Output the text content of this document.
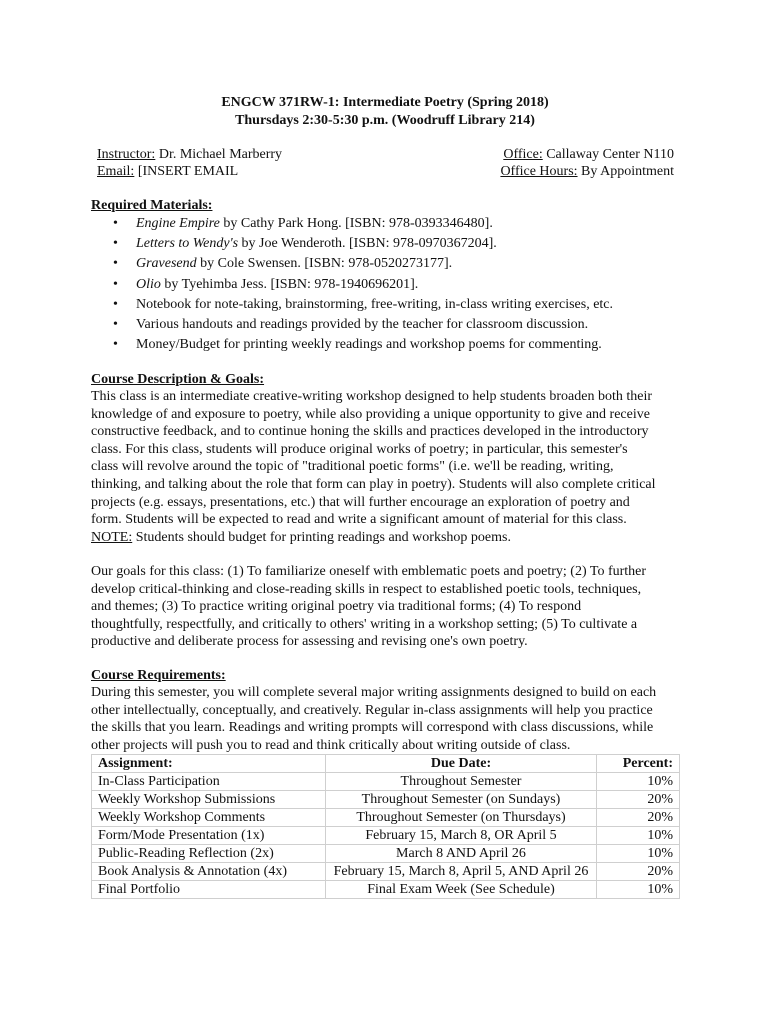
ENGCW 371RW-1: Intermediate Poetry (Spring 2018)
Thursdays 2:30-5:30 p.m. (Woodruff Library 214)
Instructor: Dr. Michael Marberry	Office: Callaway Center N110
Email: [INSERT EMAIL	Office Hours: By Appointment
Required Materials:
• Engine Empire by Cathy Park Hong. [ISBN: 978-0393346480].
• Letters to Wendy's by Joe Wenderoth. [ISBN: 978-0970367204].
• Gravesend by Cole Swensen. [ISBN: 978-0520273177].
• Olio by Tyehimba Jess. [ISBN: 978-1940696201].
• Notebook for note-taking, brainstorming, free-writing, in-class writing exercises, etc.
• Various handouts and readings provided by the teacher for classroom discussion.
• Money/Budget for printing weekly readings and workshop poems for commenting.
Course Description & Goals:
This class is an intermediate creative-writing workshop designed to help students broaden both their
knowledge of and exposure to poetry, while also providing a unique opportunity to give and receive
constructive feedback, and to continue honing the skills and practices developed in the introductory
class. For this class, students will produce original works of poetry; in particular, this semester's
class will revolve around the topic of "traditional poetic forms" (i.e. we'll be reading, writing,
thinking, and talking about the role that form can play in poetry). Students will also complete critical
projects (e.g. essays, presentations, etc.) that will further encourage an exploration of poetry and
form. Students will be expected to read and write a significant amount of material for this class.
NOTE: Students should budget for printing readings and workshop poems.
Our goals for this class: (1) To familiarize oneself with emblematic poets and poetry; (2) To further
develop critical-thinking and close-reading skills in respect to established poetic tools, techniques,
and themes; (3) To practice writing original poetry via traditional forms; (4) To respond
thoughtfully, respectfully, and critically to others' writing in a workshop setting; (5) To cultivate a
productive and deliberate process for assessing and revising one's own poetry.
Course Requirements:
During this semester, you will complete several major writing assignments designed to build on each
other intellectually, conceptually, and creatively. Regular in-class assignments will help you practice
the skills that you learn. Readings and writing prompts will correspond with class discussions, while
other projects will push you to read and think critically about writing outside of class.
Assignment:	Due Date:	Percent:
In-Class Participation	Throughout Semester	10%
Weekly Workshop Submissions	Throughout Semester (on Sundays)	20%
Weekly Workshop Comments	Throughout Semester (on Thursdays)	20%
Form/Mode Presentation (1x)	February 15, March 8, OR April 5	10%
Public-Reading Reflection (2x)	March 8 AND April 26	10%
Book Analysis & Annotation (4x)	February 15, March 8, April 5, AND April 26	20%
Final Portfolio	Final Exam Week (See Schedule)	10%
